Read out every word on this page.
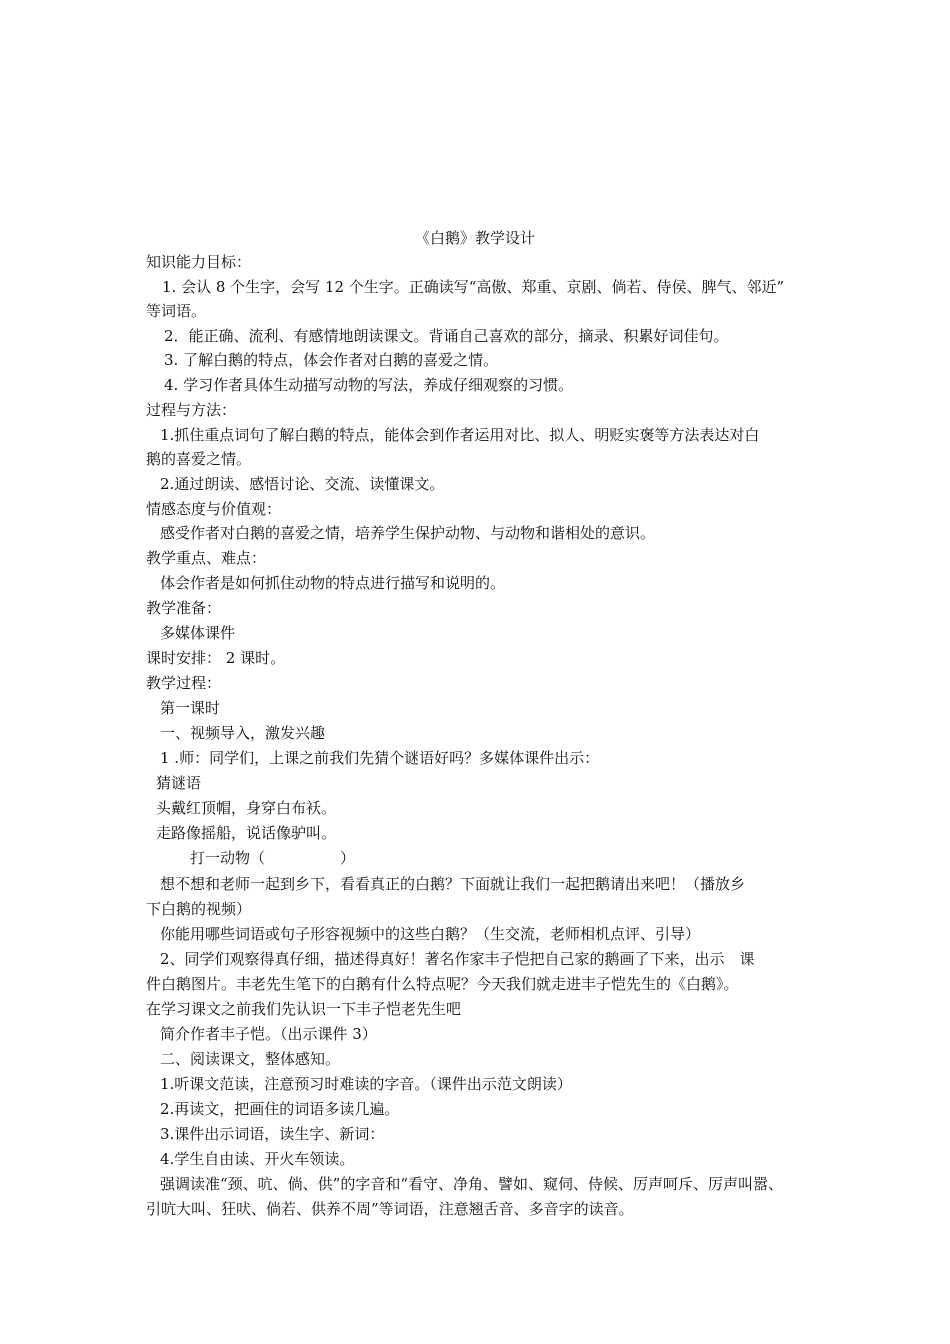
《白鹅》教学设计
知识能力目标：
1. 会认 8 个生字，会写 12 个生字。正确读写“高傲、郑重、京剧、倘若、侍侯、脾气、邻近”
等词语。
2．能正确、流利、有感情地朗读课文。背诵自己喜欢的部分，摘录、积累好词佳句。
3. 了解白鹅的特点，体会作者对白鹅的喜爱之情。
4. 学习作者具体生动描写动物的写法，养成仔细观察的习惯。
过程与方法：
1.抓住重点词句了解白鹅的特点，能体会到作者运用对比、拟人、明贬实褒等方法表达对白
鹅的喜爱之情。
2.通过朗读、感悟讨论、交流、读懂课文。
情感态度与价值观：
感受作者对白鹅的喜爱之情，培养学生保护动物、与动物和谐相处的意识。
教学重点、难点：
体会作者是如何抓住动物的特点进行描写和说明的。
教学准备：
多媒体课件
课时安排： 2 课时。
教学过程：
第一课时
一、视频导入，激发兴趣
1 .师：同学们，上课之前我们先猜个谜语好吗？多媒体课件出示：
猜谜语
头戴红顶帽，身穿白布袄。
走路像摇船，说话像驴叫。
打一动物（　　　　　）
想不想和老师一起到乡下，看看真正的白鹅？下面就让我们一起把鹅请出来吧！（播放乡
下白鹅的视频）
你能用哪些词语或句子形容视频中的这些白鹅？（生交流，老师相机点评、引导）
2、同学们观察得真仔细，描述得真好！著名作家丰子恺把自己家的鹅画了下来，出示　课
件白鹅图片。丰老先生笔下的白鹅有什么特点呢？今天我们就走进丰子恺先生的《白鹅》。
在学习课文之前我们先认识一下丰子恺老先生吧
简介作者丰子恺。（出示课件 3）
二、阅读课文，整体感知。
1.听课文范读，注意预习时难读的字音。（课件出示范文朗读）
2.再读文，把画住的词语多读几遍。
3.课件出示词语，读生字、新词：
4.学生自由读、开火车领读。
强调读准“颈、吭、倘、供”的字音和“看守、净角、譬如、窥伺、侍候、厉声呵斥、厉声叫嚣、
引吭大叫、狂吠、倘若、供养不周”等词语，注意翘舌音、多音字的读音。
